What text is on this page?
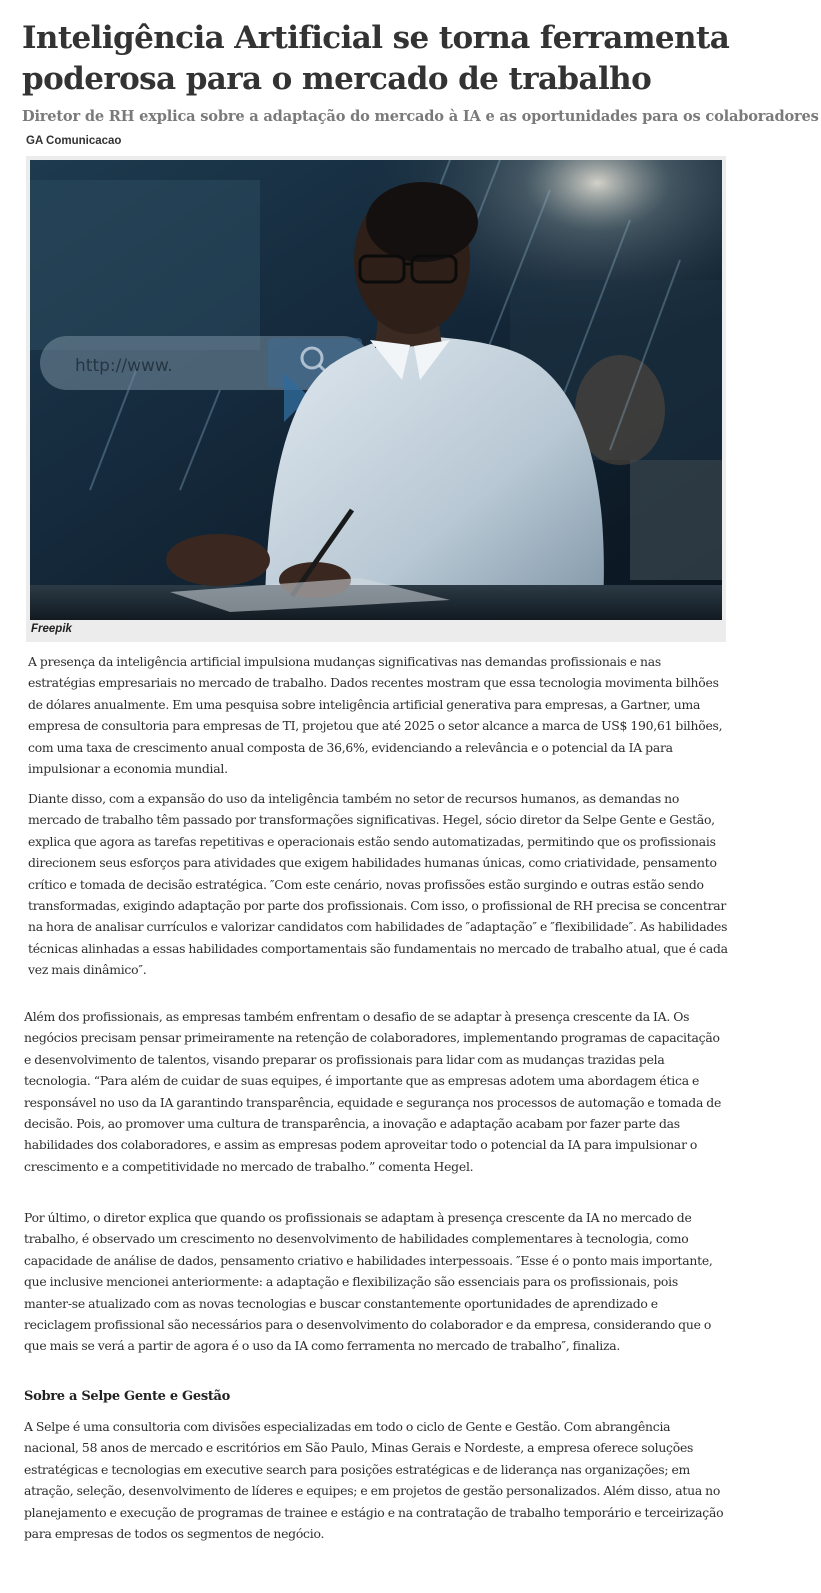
Inteligência Artificial se torna ferramenta poderosa para o mercado de trabalho

Diretor de RH explica sobre a adaptação do mercado à IA e as oportunidades para os colaboradores

GA Comunicacao
http://www.
Freepik

A presença da inteligência artificial impulsiona mudanças significativas nas demandas profissionais e nas estratégias empresariais no mercado de trabalho. Dados recentes mostram que essa tecnologia movimenta bilhões de dólares anualmente. Em uma pesquisa sobre inteligência artificial generativa para empresas, a Gartner, uma empresa de consultoria para empresas de TI, projetou que até 2025 o setor alcance a marca de US$ 190,61 bilhões, com uma taxa de crescimento anual composta de 36,6%, evidenciando a relevância e o potencial da IA para impulsionar a economia mundial.

Diante disso, com a expansão do uso da inteligência também no setor de recursos humanos, as demandas no mercado de trabalho têm passado por transformações significativas. Hegel, sócio diretor da Selpe Gente e Gestão, explica que agora as tarefas repetitivas e operacionais estão sendo automatizadas, permitindo que os profissionais direcionem seus esforços para atividades que exigem habilidades humanas únicas, como criatividade, pensamento crítico e tomada de decisão estratégica. ″Com este cenário, novas profissões estão surgindo e outras estão sendo transformadas, exigindo adaptação por parte dos profissionais. Com isso, o profissional de RH precisa se concentrar na hora de analisar currículos e valorizar candidatos com habilidades de ″adaptação″ e ″flexibilidade″. As habilidades técnicas alinhadas a essas habilidades comportamentais são fundamentais no mercado de trabalho atual, que é cada vez mais dinâmico″.

Além dos profissionais, as empresas também enfrentam o desafio de se adaptar à presença crescente da IA. Os negócios precisam pensar primeiramente na retenção de colaboradores, implementando programas de capacitação e desenvolvimento de talentos, visando preparar os profissionais para lidar com as mudanças trazidas pela tecnologia. “Para além de cuidar de suas equipes, é importante que as empresas adotem uma abordagem ética e responsável no uso da IA garantindo transparência, equidade e segurança nos processos de automação e tomada de decisão. Pois, ao promover uma cultura de transparência, a inovação e adaptação acabam por fazer parte das habilidades dos colaboradores, e assim as empresas podem aproveitar todo o potencial da IA para impulsionar o crescimento e a competitividade no mercado de trabalho.” comenta Hegel.

Por último, o diretor explica que quando os profissionais se adaptam à presença crescente da IA no mercado de trabalho, é observado um crescimento no desenvolvimento de habilidades complementares à tecnologia, como capacidade de análise de dados, pensamento criativo e habilidades interpessoais. ″Esse é o ponto mais importante, que inclusive mencionei anteriormente: a adaptação e flexibilização são essenciais para os profissionais, pois manter-se atualizado com as novas tecnologias e buscar constantemente oportunidades de aprendizado e reciclagem profissional são necessários para o desenvolvimento do colaborador e da empresa, considerando que o que mais se verá a partir de agora é o uso da IA como ferramenta no mercado de trabalho″, finaliza.

Sobre a Selpe Gente e Gestão

A Selpe é uma consultoria com divisões especializadas em todo o ciclo de Gente e Gestão. Com abrangência nacional, 58 anos de mercado e escritórios em São Paulo, Minas Gerais e Nordeste, a empresa oferece soluções estratégicas e tecnologias em executive search para posições estratégicas e de liderança nas organizações; em atração, seleção, desenvolvimento de líderes e equipes; e em projetos de gestão personalizados. Além disso, atua no planejamento e execução de programas de trainee e estágio e na contratação de trabalho temporário e terceirização para empresas de todos os segmentos de negócio.
